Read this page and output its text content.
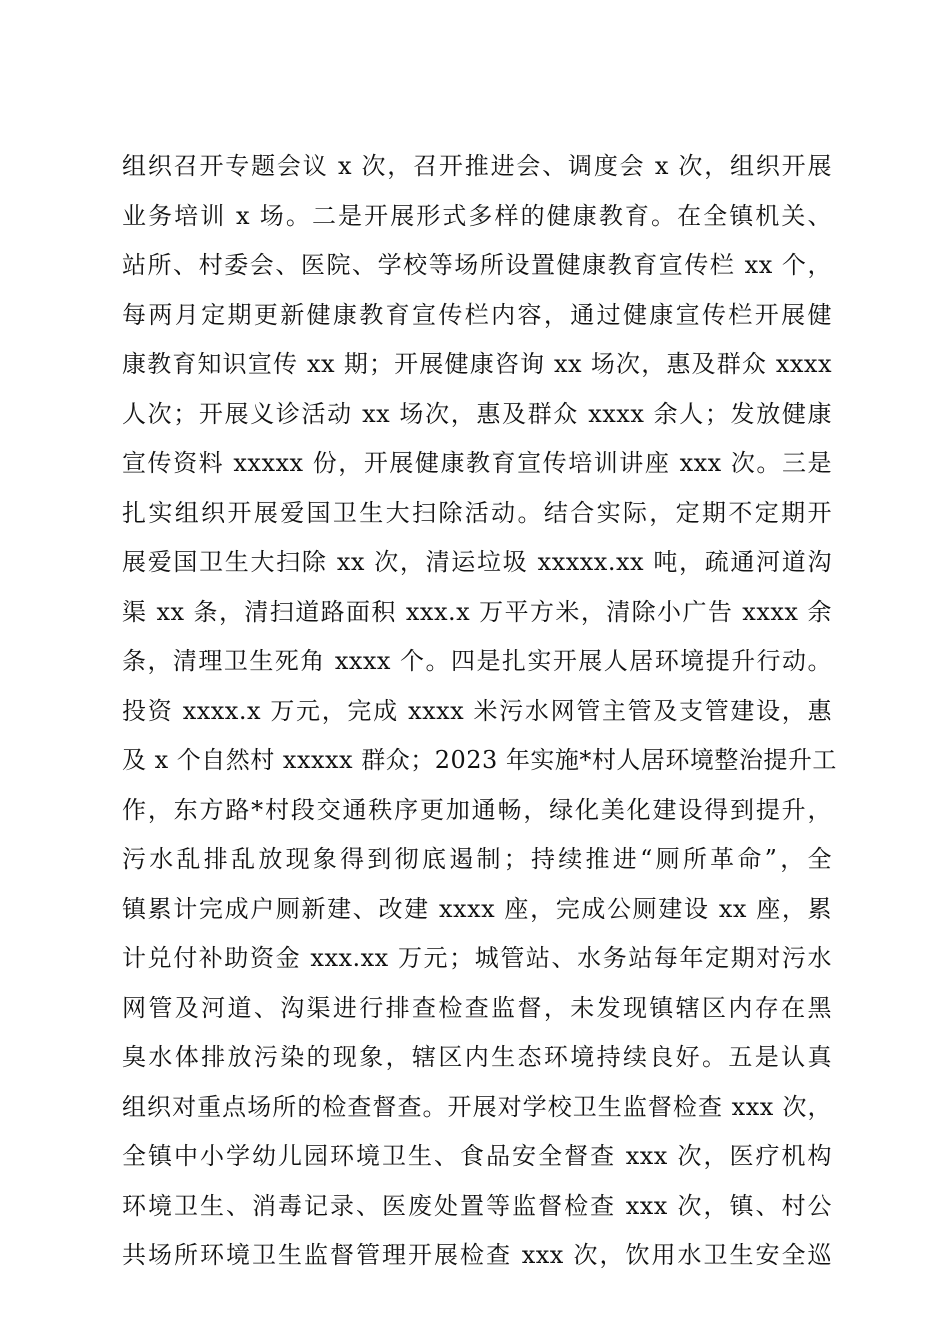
组织召开专题会议 x 次，召开推进会、调度会 x 次，组织开展
业务培训 x 场。二是开展形式多样的健康教育。在全镇机关、
站所、村委会、医院、学校等场所设置健康教育宣传栏 xx 个，
每两月定期更新健康教育宣传栏内容，通过健康宣传栏开展健
康教育知识宣传 xx 期；开展健康咨询 xx 场次，惠及群众 xxxx
人次；开展义诊活动 xx 场次，惠及群众 xxxx 余人；发放健康
宣传资料 xxxxx 份，开展健康教育宣传培训讲座 xxx 次。三是
扎实组织开展爱国卫生大扫除活动。结合实际，定期不定期开
展爱国卫生大扫除 xx 次，清运垃圾 xxxxx.xx 吨，疏通河道沟
渠 xx 条，清扫道路面积 xxx.x 万平方米，清除小广告 xxxx 余
条，清理卫生死角 xxxx 个。四是扎实开展人居环境提升行动。
投资 xxxx.x 万元，完成 xxxx 米污水网管主管及支管建设，惠
及 x 个自然村 xxxxx 群众；2023 年实施*村人居环境整治提升工
作，东方路*村段交通秩序更加通畅，绿化美化建设得到提升，
污水乱排乱放现象得到彻底遏制；持续推进“厕所革命”，全
镇累计完成户厕新建、改建 xxxx 座，完成公厕建设 xx 座，累
计兑付补助资金 xxx.xx 万元；城管站、水务站每年定期对污水
网管及河道、沟渠进行排查检查监督，未发现镇辖区内存在黑
臭水体排放污染的现象，辖区内生态环境持续良好。五是认真
组织对重点场所的检查督查。开展对学校卫生监督检查 xxx 次，
全镇中小学幼儿园环境卫生、食品安全督查 xxx 次，医疗机构
环境卫生、消毒记录、医废处置等监督检查 xxx 次，镇、村公
共场所环境卫生监督管理开展检查 xxx 次，饮用水卫生安全巡
